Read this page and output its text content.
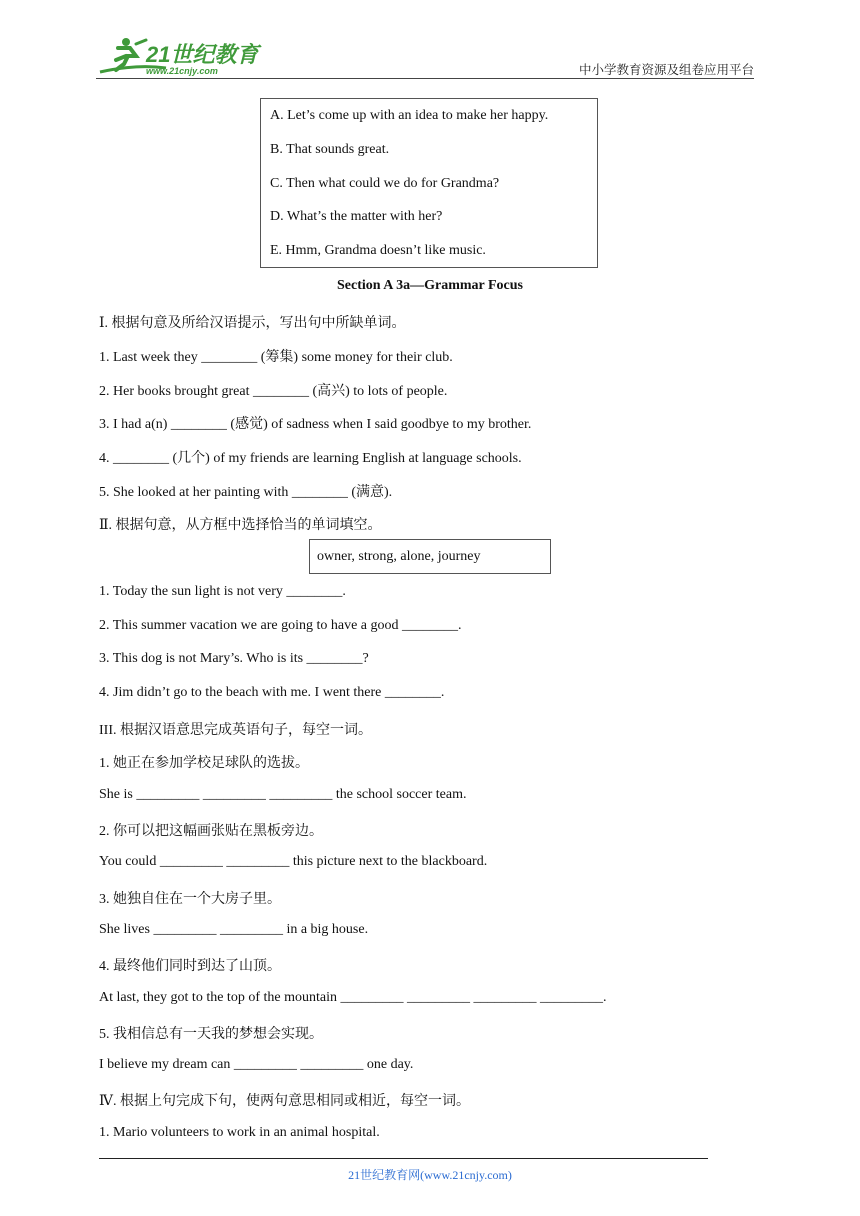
21世纪教育
www.21cnjy.com	中小学教育资源及组卷应用平台
A. Let’s come up with an idea to make her happy.
B. That sounds great.
C. Then what could we do for Grandma?
D. What’s the matter with her?
E. Hmm, Grandma doesn’t like music.
Section A 3a—Grammar Focus
Ⅰ. 根据句意及所给汉语提示，写出句中所缺单词。
1. Last week they ________ (筹集) some money for their club.
2. Her books brought great ________ (高兴) to lots of people.
3. I had a(n) ________ (感觉) of sadness when I said goodbye to my brother.
4. ________ (几个) of my friends are learning English at language schools.
5. She looked at her painting with ________ (满意).
Ⅱ. 根据句意，从方框中选择恰当的单词填空。
owner, strong, alone, journey
1. Today the sun light is not very ________.
2. This summer vacation we are going to have a good ________.
3. This dog is not Mary’s. Who is its ________?
4. Jim didn’t go to the beach with me. I went there ________.
III. 根据汉语意思完成英语句子，每空一词。
1. 她正在参加学校足球队的选拔。
She is _________ _________ _________ the school soccer team.
2. 你可以把这幅画张贴在黑板旁边。
You could _________ _________ this picture next to the blackboard.
3. 她独自住在一个大房子里。
She lives _________ _________ in a big house.
4. 最终他们同时到达了山顶。
At last, they got to the top of the mountain _________ _________ _________ _________.
5. 我相信总有一天我的梦想会实现。
I believe my dream can _________ _________ one day.
Ⅳ. 根据上句完成下句，使两句意思相同或相近，每空一词。
1. Mario volunteers to work in an animal hospital.
21世纪教育网(www.21cnjy.com)
